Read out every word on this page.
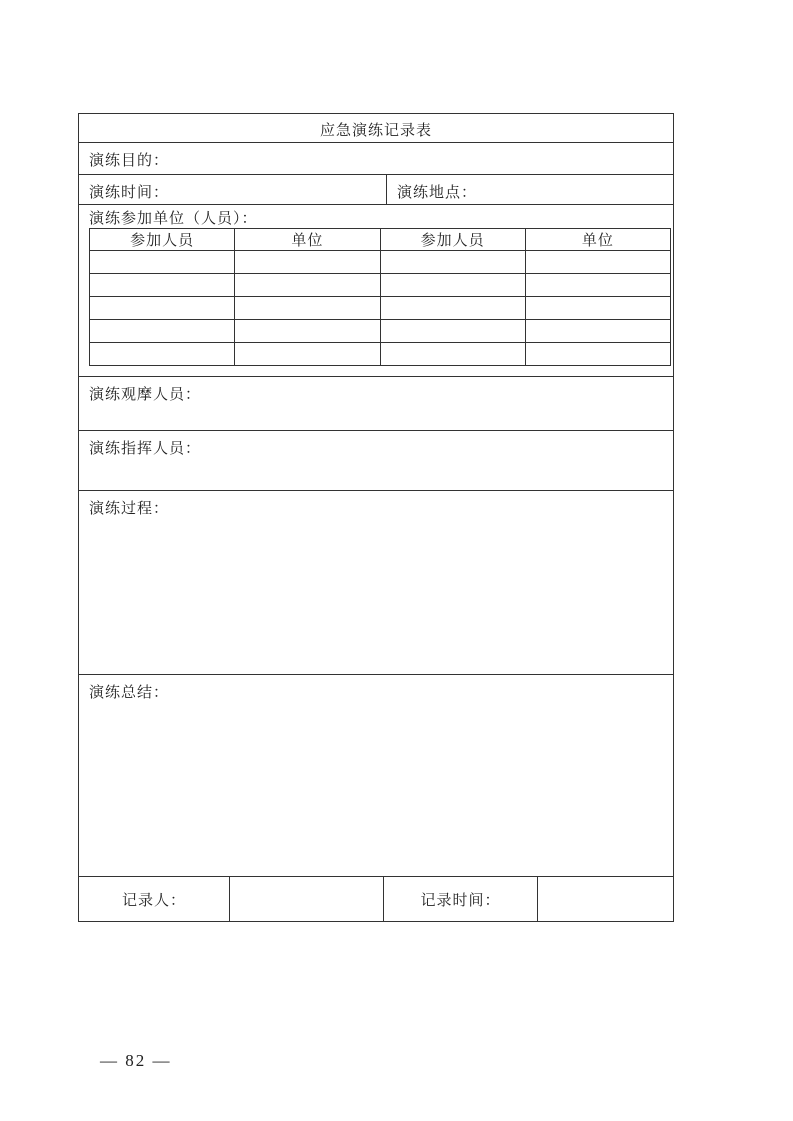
应急演练记录表
演练目的：
演练时间：	演练地点：
演练参加单位（人员）：
参加人员	单位	参加人员	单位

演练观摩人员：
演练指挥人员：
演练过程：
演练总结：
记录人：	记录时间：
— 82 —
